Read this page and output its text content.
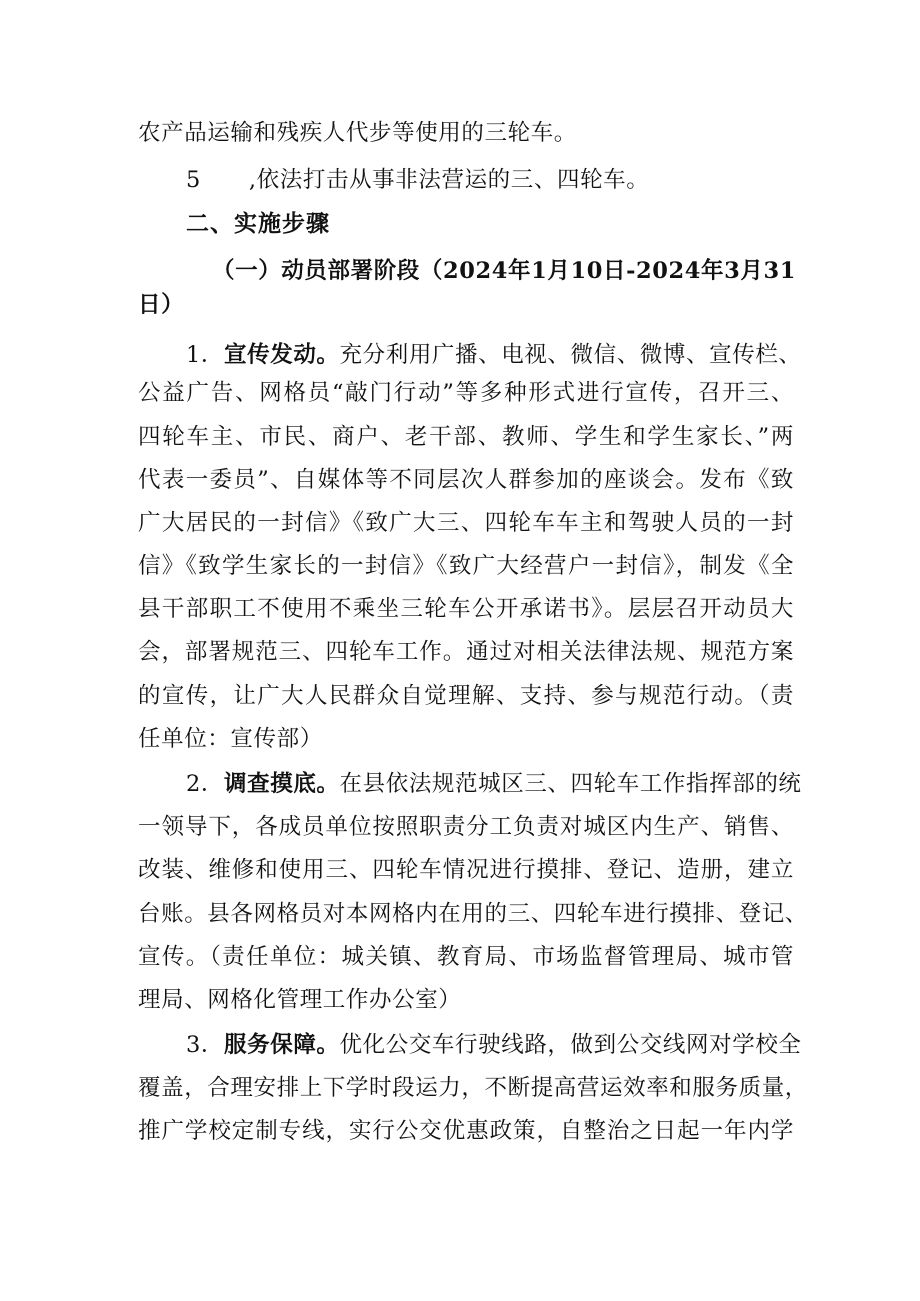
农产品运输和残疾人代步等使用的三轮车。
5 ,依法打击从事非法营运的三、四轮车。
二、实施步骤
（一）动员部署阶段（2024年1月10日-2024年3月31
日）
1．宣传发动。充分利用广播、电视、微信、微博、宣传栏、
公益广告、网格员“敲门行动”等多种形式进行宣传，召开三、
四轮车主、市民、商户、老干部、教师、学生和学生家长、”两
代表一委员”、自媒体等不同层次人群参加的座谈会。发布《致
广大居民的一封信》《致广大三、四轮车车主和驾驶人员的一封
信》《致学生家长的一封信》《致广大经营户一封信》，制发《全
县干部职工不使用不乘坐三轮车公开承诺书》。层层召开动员大
会，部署规范三、四轮车工作。通过对相关法律法规、规范方案
的宣传，让广大人民群众自觉理解、支持、参与规范行动。（责
任单位：宣传部）
2．调查摸底。在县依法规范城区三、四轮车工作指挥部的统
一领导下，各成员单位按照职责分工负责对城区内生产、销售、
改装、维修和使用三、四轮车情况进行摸排、登记、造册，建立
台账。县各网格员对本网格内在用的三、四轮车进行摸排、登记、
宣传。（责任单位：城关镇、教育局、市场监督管理局、城市管
理局、网格化管理工作办公室）
3．服务保障。优化公交车行驶线路，做到公交线网对学校全
覆盖，合理安排上下学时段运力，不断提高营运效率和服务质量，
推广学校定制专线，实行公交优惠政策，自整治之日起一年内学
